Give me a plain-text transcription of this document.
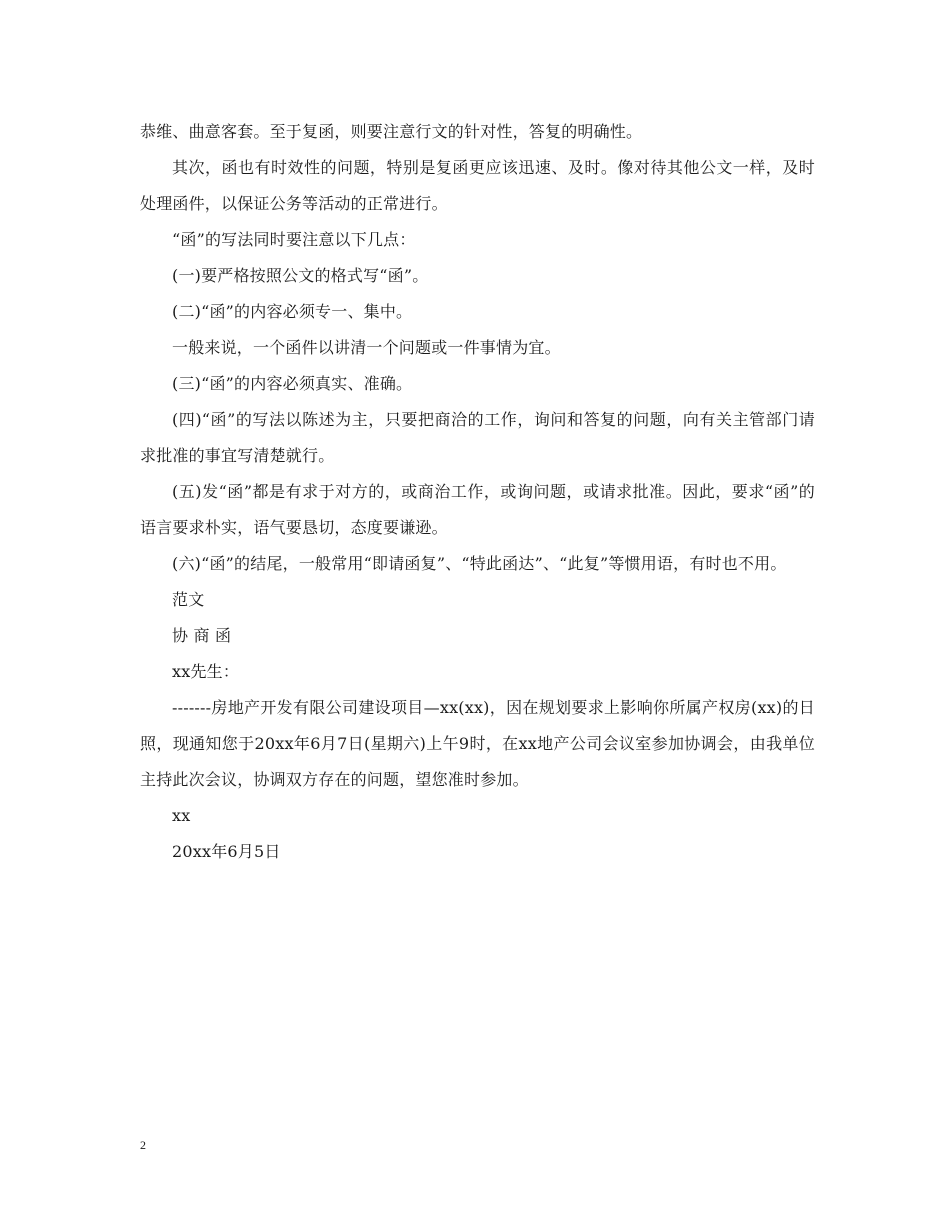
恭维、曲意客套。至于复函，则要注意行文的针对性，答复的明确性。

其次，函也有时效性的问题，特别是复函更应该迅速、及时。像对待其他公文一样，及时处理函件，以保证公务等活动的正常进行。

“函”的写法同时要注意以下几点：

(一)要严格按照公文的格式写“函”。

(二)“函”的内容必须专一、集中。

一般来说，一个函件以讲清一个问题或一件事情为宜。

(三)“函”的内容必须真实、准确。

(四)“函”的写法以陈述为主，只要把商洽的工作，询问和答复的问题，向有关主管部门请求批准的事宜写清楚就行。

(五)发“函”都是有求于对方的，或商治工作，或询问题，或请求批准。因此，要求“函”的语言要求朴实，语气要恳切，态度要谦逊。

(六)“函”的结尾，一般常用“即请函复”、“特此函达”、“此复”等惯用语，有时也不用。

范文

协 商 函

xx先生：

-------房地产开发有限公司建设项目—xx(xx)，因在规划要求上影响你所属产权房(xx)的日照，现通知您于20xx年6月7日(星期六)上午9时，在xx地产公司会议室参加协调会，由我单位主持此次会议，协调双方存在的问题，望您准时参加。

xx

20xx年6月5日

2
